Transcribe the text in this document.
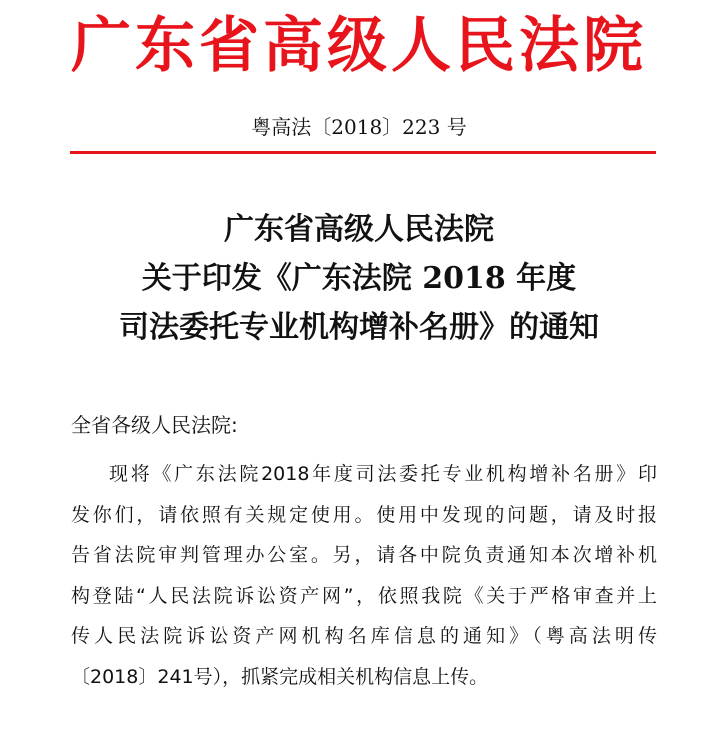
广东省高级人民法院
粤高法〔2018〕223 号
广东省高级人民法院
关于印发《广东法院 2018 年度
司法委托专业机构增补名册》的通知
全省各级人民法院:
现将《广东法院2018年度司法委托专业机构增补名册》印
发你们，请依照有关规定使用。使用中发现的问题，请及时报
告省法院审判管理办公室。另，请各中院负责通知本次增补机
构登陆“人民法院诉讼资产网”，依照我院《关于严格审查并上
传人民法院诉讼资产网机构名库信息的通知》（粤高法明传
〔2018〕241号），抓紧完成相关机构信息上传。
